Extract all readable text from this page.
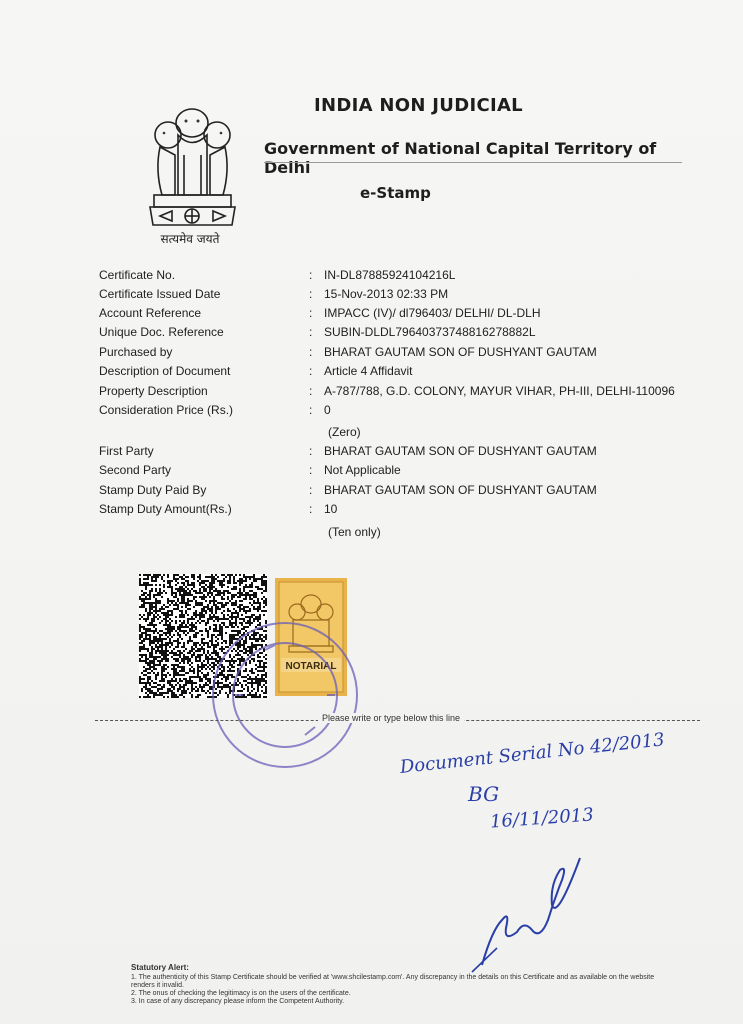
सत्यमेव जयते
INDIA NON JUDICIAL
Government of National Capital Territory of Delhi
e-Stamp
Certificate No.	: IN-DL87885924104216L
Certificate Issued Date	: 15-Nov-2013 02:33 PM
Account Reference	: IMPACC (IV)/ dl796403/ DELHI/ DL-DLH
Unique Doc. Reference	: SUBIN-DLDL79640373748816278882L
Purchased by	: BHARAT GAUTAM SON OF DUSHYANT GAUTAM
Description of Document	: Article 4 Affidavit
Property Description	: A-787/788, G.D. COLONY, MAYUR VIHAR, PH-III, DELHI-110096
Consideration Price (Rs.)	: 0
(Zero)
First Party	: BHARAT GAUTAM SON OF DUSHYANT GAUTAM
Second Party	: Not Applicable
Stamp Duty Paid By	: BHARAT GAUTAM SON OF DUSHYANT GAUTAM
Stamp Duty Amount(Rs.)	: 10
(Ten only)
NOTARIAL
Please write or type below this line
Document Serial No 42/2013
BG
16/11/2013
Statutory Alert:
1. The authenticity of this Stamp Certificate should be verified at 'www.shcilestamp.com'. Any discrepancy in the details on this Certificate and as available on the website renders it invalid.
2. The onus of checking the legitimacy is on the users of the certificate.
3. In case of any discrepancy please inform the Competent Authority.
